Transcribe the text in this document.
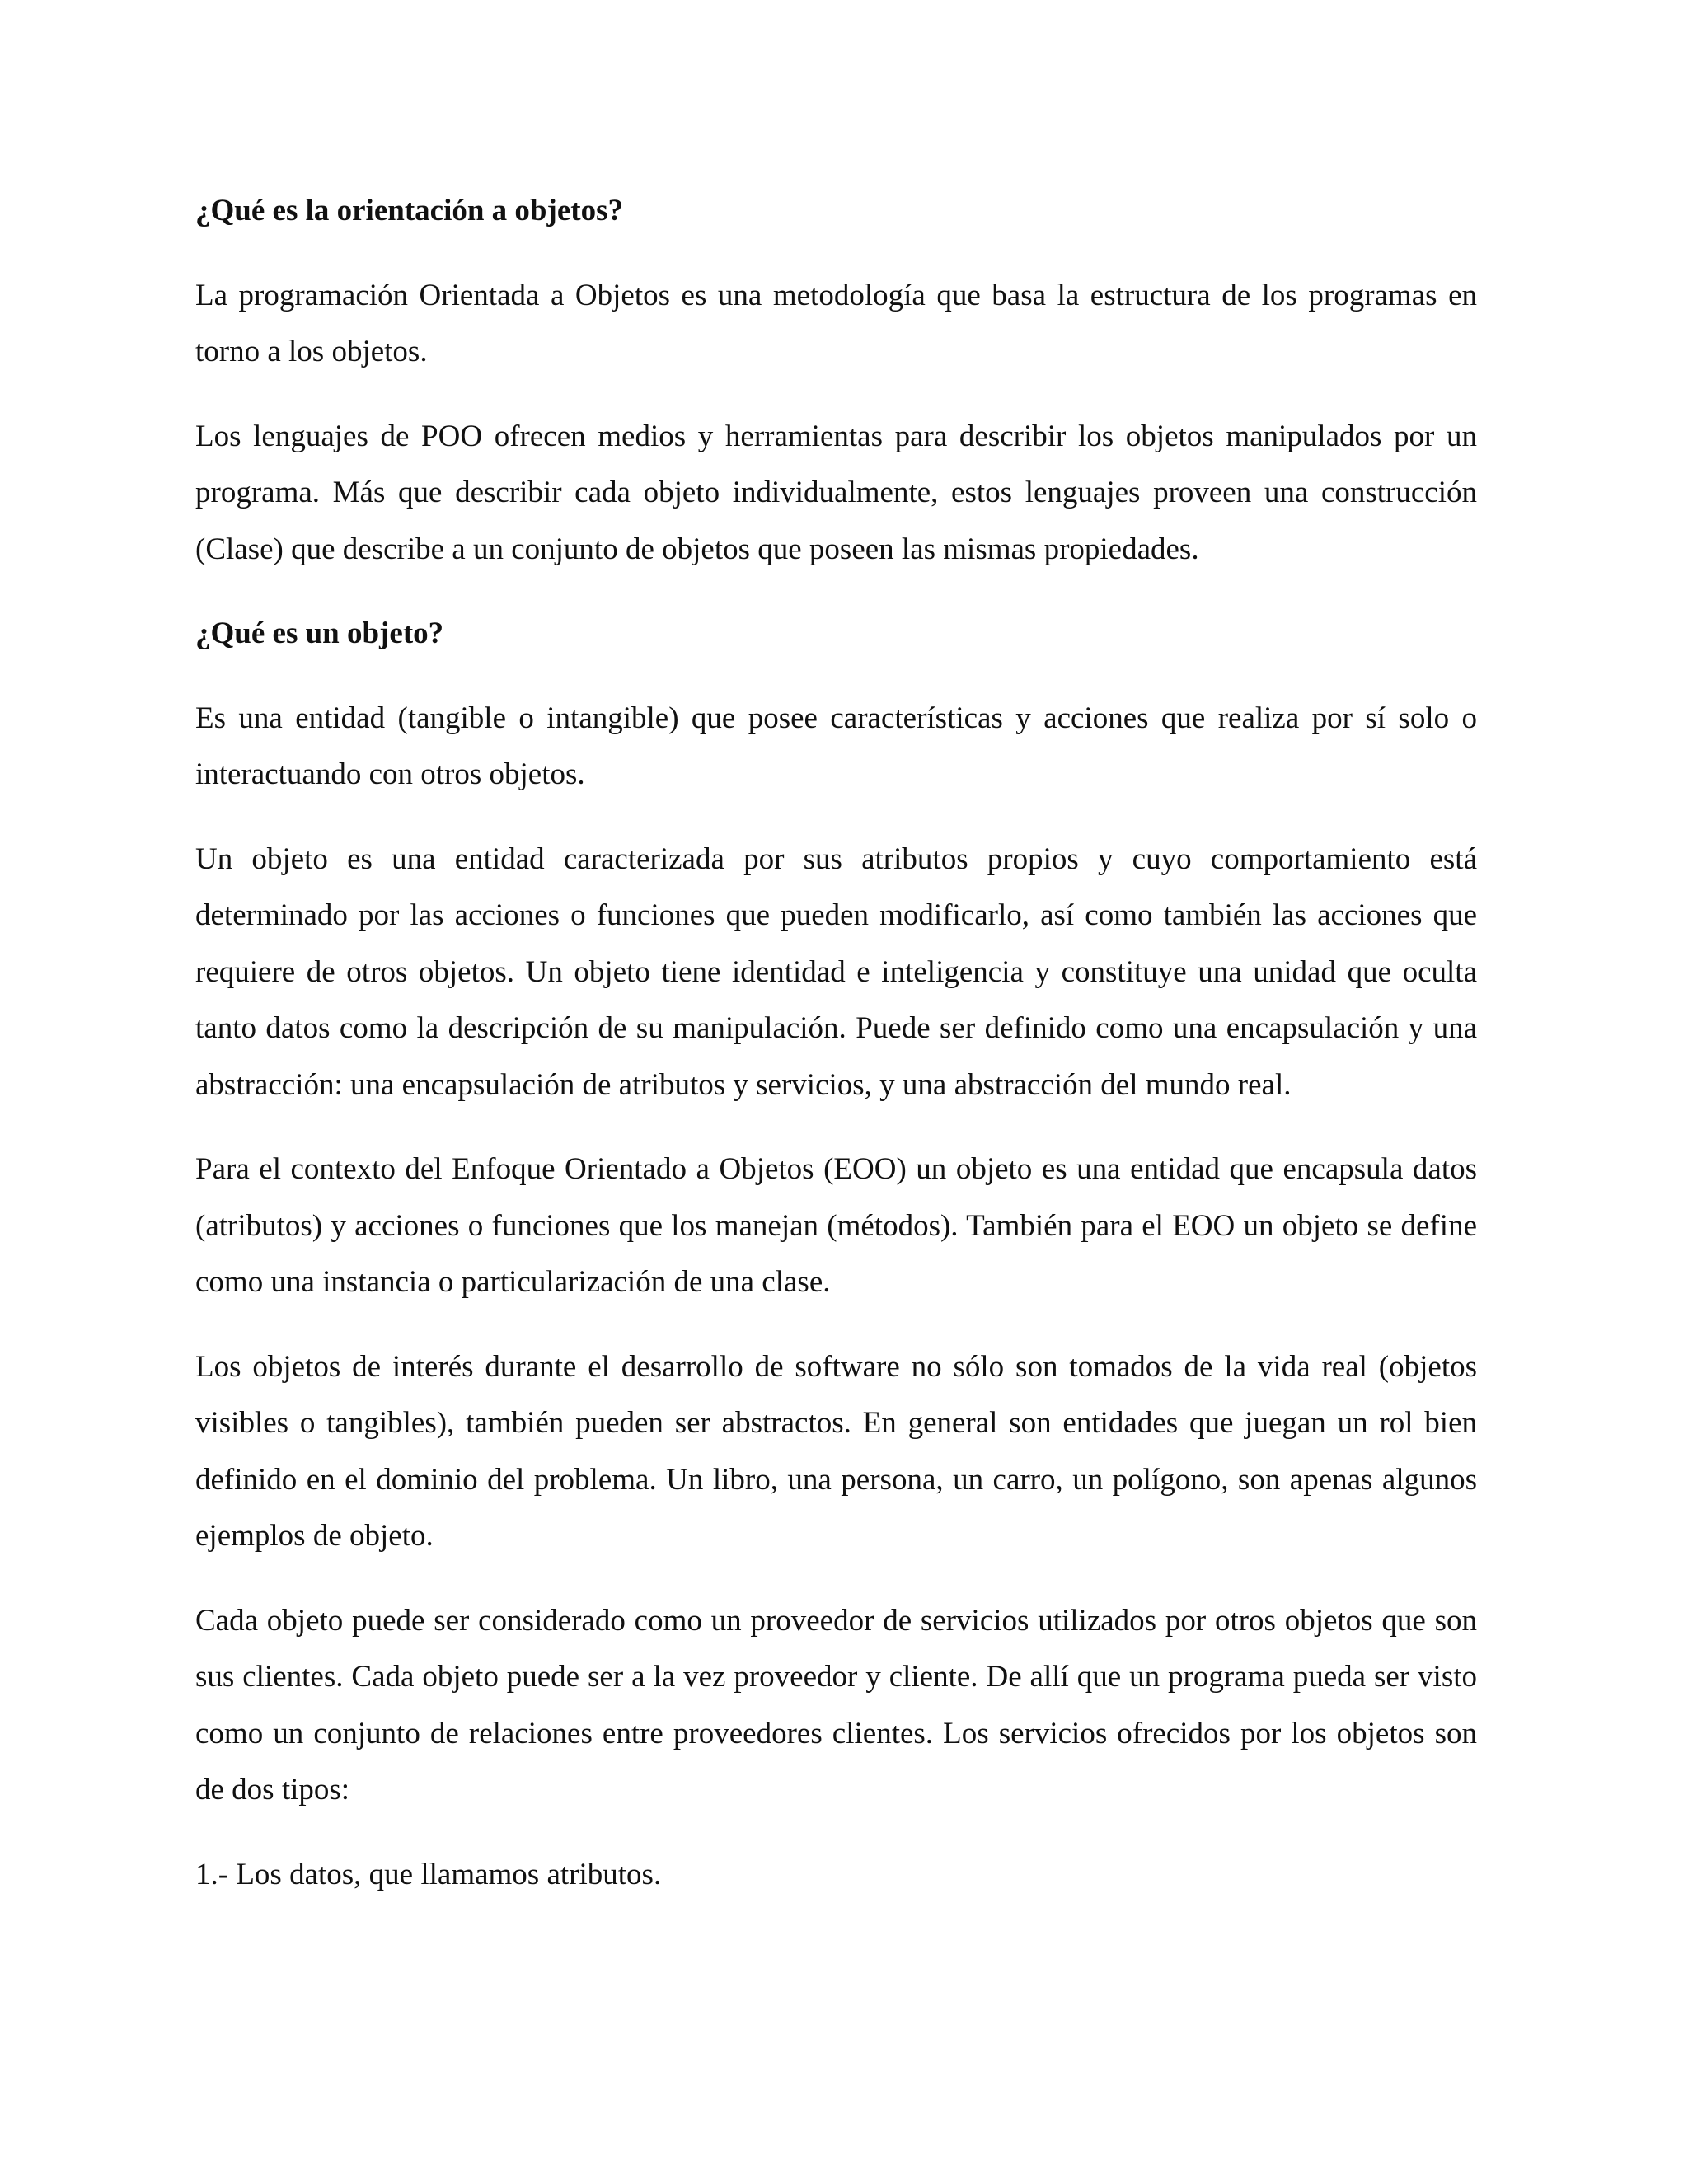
¿Qué es la orientación a objetos?

La programación Orientada a Objetos es una metodología que basa la estructura de los programas en torno a los objetos.

Los lenguajes de POO ofrecen medios y herramientas para describir los objetos manipulados por un programa. Más que describir cada objeto individualmente, estos lenguajes proveen una construcción (Clase) que describe a un conjunto de objetos que poseen las mismas propiedades.

¿Qué es un objeto?

Es una entidad (tangible o intangible) que posee características y acciones que realiza por sí solo o interactuando con otros objetos.

Un objeto es una entidad caracterizada por sus atributos propios y cuyo comportamiento está determinado por las acciones o funciones que pueden modificarlo, así como también las acciones que requiere de otros objetos. Un objeto tiene identidad e inteligencia y constituye una unidad que oculta tanto datos como la descripción de su manipulación. Puede ser definido como una encapsulación y una abstracción: una encapsulación de atributos y servicios, y una abstracción del mundo real.

Para el contexto del Enfoque Orientado a Objetos (EOO) un objeto es una entidad que encapsula datos (atributos) y acciones o funciones que los manejan (métodos). También para el EOO un objeto se define como una instancia o particularización de una clase.

Los objetos de interés durante el desarrollo de software no sólo son tomados de la vida real (objetos visibles o tangibles), también pueden ser abstractos. En general son entidades que juegan un rol bien definido en el dominio del problema. Un libro, una persona, un carro, un polígono, son apenas algunos ejemplos de objeto.

Cada objeto puede ser considerado como un proveedor de servicios utilizados por otros objetos que son sus clientes. Cada objeto puede ser a la vez proveedor y cliente. De allí que un programa pueda ser visto como un conjunto de relaciones entre proveedores clientes. Los servicios ofrecidos por los objetos son de dos tipos:

1.- Los datos, que llamamos atributos.
